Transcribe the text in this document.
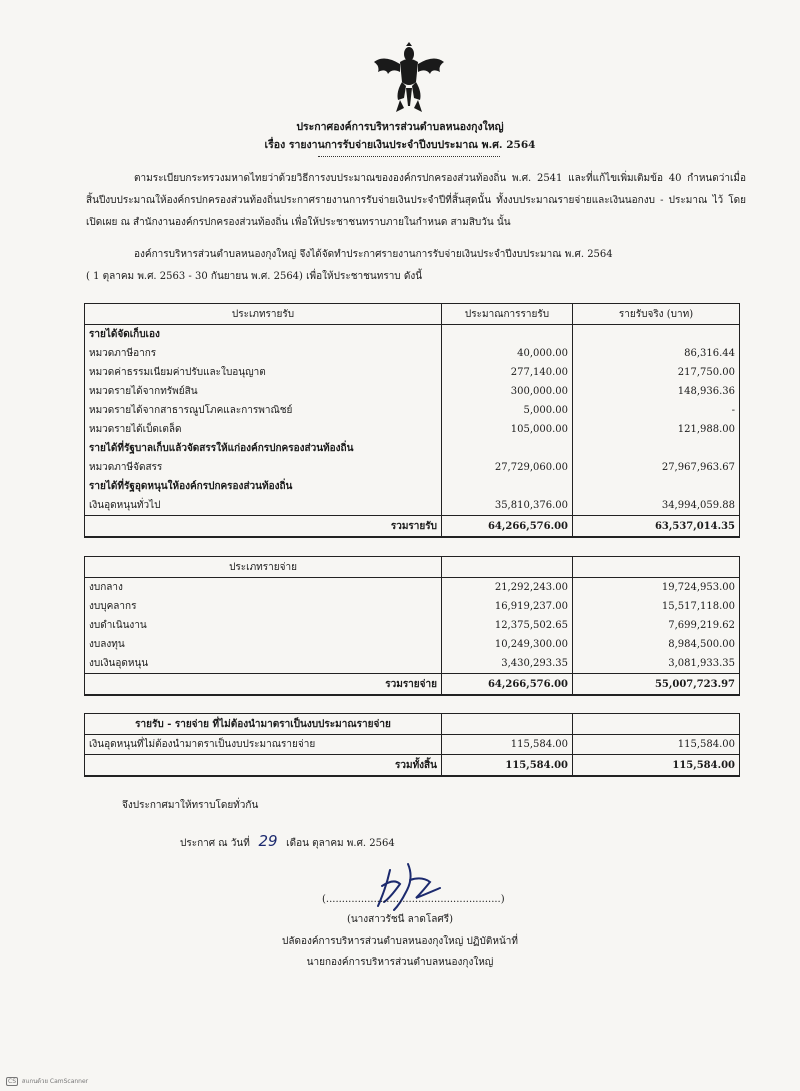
ประกาศองค์การบริหารส่วนตำบลหนองกุงใหญ่
เรื่อง รายงานการรับจ่ายเงินประจำปีงบประมาณ พ.ศ. 2564

ตามระเบียบกระทรวงมหาดไทยว่าด้วยวิธีการงบประมาณขององค์กรปกครองส่วนท้องถิ่น พ.ศ. 2541 และที่แก้ไขเพิ่มเติมข้อ 40 กำหนดว่าเมื่อสิ้นปีงบประมาณให้องค์กรปกครองส่วนท้องถิ่นประกาศรายงานการรับจ่ายเงินประจำปีที่สิ้นสุดนั้น ทั้งงบประมาณรายจ่ายและเงินนอกงบ - ประมาณ ไว้ โดยเปิดเผย ณ สำนักงานองค์กรปกครองส่วนท้องถิ่น เพื่อให้ประชาชนทราบภายในกำหนด สามสิบวัน นั้น

องค์การบริหารส่วนตำบลหนองกุงใหญ่ จึงได้จัดทำประกาศรายงานการรับจ่ายเงินประจำปีงบประมาณ พ.ศ. 2564

( 1 ตุลาคม พ.ศ. 2563 - 30 กันยายน พ.ศ. 2564) เพื่อให้ประชาชนทราบ ดังนี้

ประเภทรายรับ	ประมาณการรายรับ	รายรับจริง (บาท)
รายได้จัดเก็บเอง		
หมวดภาษีอากร	40,000.00	86,316.44
หมวดค่าธรรมเนียมค่าปรับและใบอนุญาต	277,140.00	217,750.00
หมวดรายได้จากทรัพย์สิน	300,000.00	148,936.36
หมวดรายได้จากสาธารณูปโภคและการพาณิชย์	5,000.00	-
หมวดรายได้เบ็ดเตล็ด	105,000.00	121,988.00
รายได้ที่รัฐบาลเก็บแล้วจัดสรรให้แก่องค์กรปกครองส่วนท้องถิ่น		
หมวดภาษีจัดสรร	27,729,060.00	27,967,963.67
รายได้ที่รัฐอุดหนุนให้องค์กรปกครองส่วนท้องถิ่น		
เงินอุดหนุนทั่วไป	35,810,376.00	34,994,059.88
รวมรายรับ	64,266,576.00	63,537,014.35
ประเภทรายจ่าย		
งบกลาง	21,292,243.00	19,724,953.00
งบบุคลากร	16,919,237.00	15,517,118.00
งบดำเนินงาน	12,375,502.65	7,699,219.62
งบลงทุน	10,249,300.00	8,984,500.00
งบเงินอุดหนุน	3,430,293.35	3,081,933.35
รวมรายจ่าย	64,266,576.00	55,007,723.97
รายรับ - รายจ่าย ที่ไม่ต้องนำมาตราเป็นงบประมาณรายจ่าย		
เงินอุดหนุนที่ไม่ต้องนำมาตราเป็นงบประมาณรายจ่าย	115,584.00	115,584.00
รวมทั้งสิ้น	115,584.00	115,584.00
จึงประกาศมาให้ทราบโดยทั่วกัน
ประกาศ ณ วันที่ 29 เดือน ตุลาคม พ.ศ. 2564
(.......................................................)
(นางสาวรัชนี ลาดโลศรี)
ปลัดองค์การบริหารส่วนตำบลหนองกุงใหญ่ ปฏิบัติหน้าที่
นายกองค์การบริหารส่วนตำบลหนองกุงใหญ่
CS สแกนด้วย CamScanner
